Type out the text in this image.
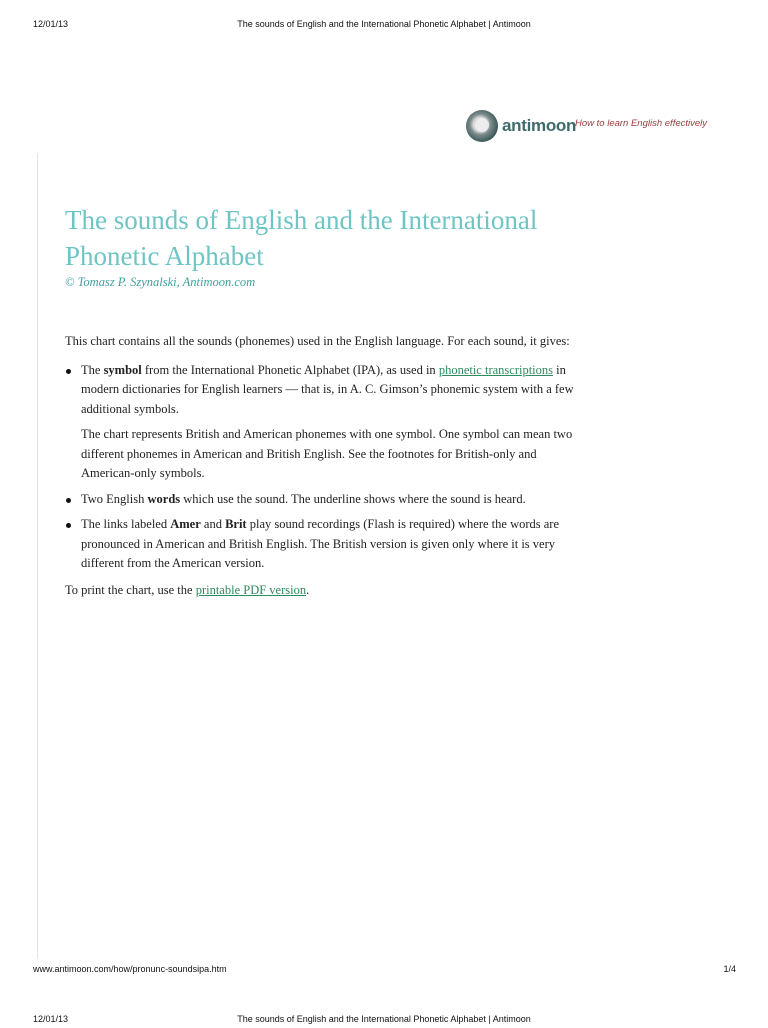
12/01/13	The sounds of English and the International Phonetic Alphabet | Antimoon
antimoon
How to learn English effectively
The sounds of English and the International
Phonetic Alphabet

© Tomasz P. Szynalski, Antimoon.com

This chart contains all the sounds (phonemes) used in the English language. For each sound, it gives:

The symbol from the International Phonetic Alphabet (IPA), as used in phonetic transcriptions in modern dictionaries for English learners — that is, in A. C. Gimson’s phonemic system with a few additional symbols.

The chart represents British and American phonemes with one symbol. One symbol can mean two different phonemes in American and British English. See the footnotes for British-only and American-only symbols.

Two English words which use the sound. The underline shows where the sound is heard.

The links labeled Amer and Brit play sound recordings (Flash is required) where the words are pronounced in American and British English. The British version is given only where it is very different from the American version.

To print the chart, use the printable PDF version.

www.antimoon.com/how/pronunc-soundsipa.htm	1/4
12/01/13	The sounds of English and the International Phonetic Alphabet | Antimoon
